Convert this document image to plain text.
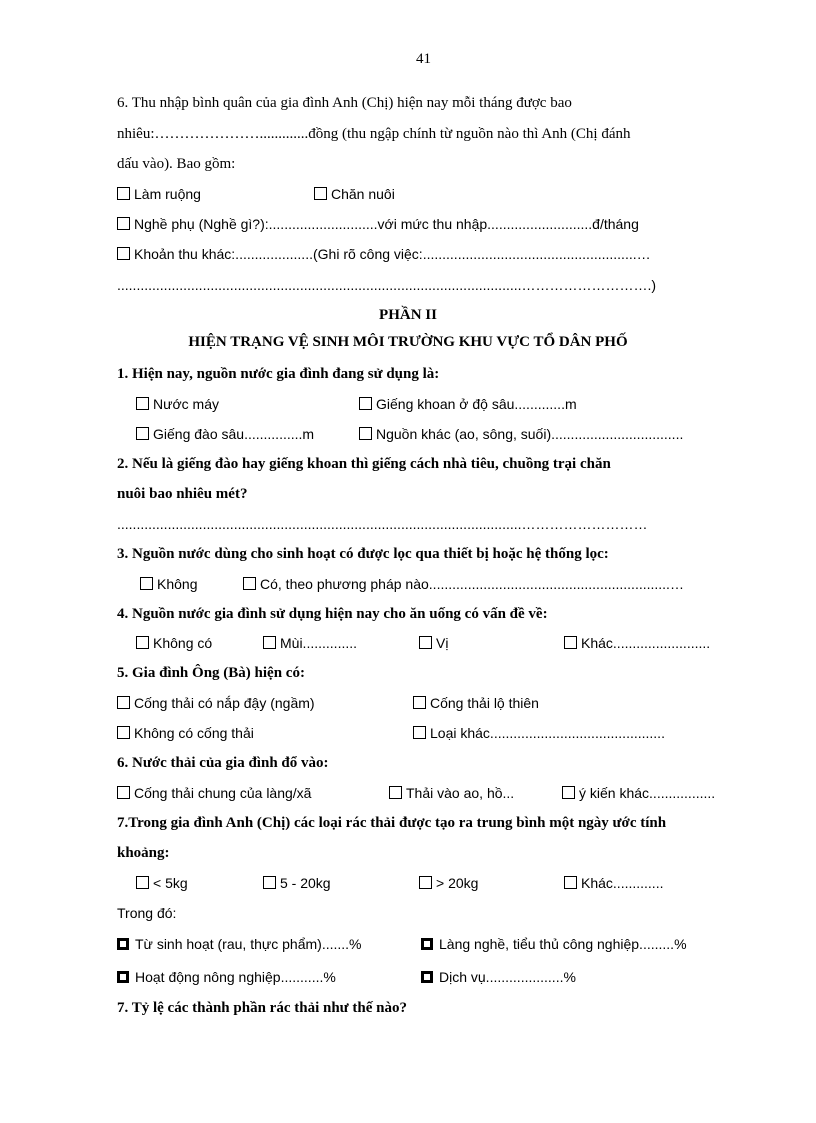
41
6. Thu nhập bình quân của gia đình Anh (Chị) hiện nay mỗi tháng được bao
nhiêu:………………….............đồng (thu ngập chính từ nguồn nào thì Anh (Chị đánh
dấu vào). Bao gồm:
Làm ruộng	Chăn nuôi
Nghề phụ (Nghề gì?):............................với mức thu nhập...........................đ/tháng
Khoản thu khác:....................(Ghi rõ công việc:.......................................................…
........................................................................................................……………………….)
PHẦN II
HIỆN TRẠNG VỆ SINH MÔI TRƯỜNG KHU VỰC TỔ DÂN PHỐ
1. Hiện nay, nguồn nước gia đình đang sử dụng là:
Nước máy	Giếng khoan ở độ sâu.............m
Giếng đào sâu...............m	Nguồn khác (ao, sông, suối)..................................
2. Nếu là giếng đào hay giếng khoan thì giếng cách nhà tiêu, chuồng trại chăn
nuôi bao nhiêu mét?
........................................................................................................………………………
3. Nguồn nước dùng cho sinh hoạt có được lọc qua thiết bị hoặc hệ thống lọc:
Không	Có, theo phương pháp nào..............................................................…
4. Nguồn nước gia đình sử dụng hiện nay cho ăn uống có vấn đề về:
Không có	Mùi..............	Vị	Khác.........................
5. Gia đình Ông (Bà) hiện có:
Cống thải có nắp đậy (ngầm)	Cống thải lộ thiên
Không có cống thải	Loại khác.............................................
6. Nước thải của gia đình đổ vào:
Cống thải chung của làng/xã	Thải vào ao, hồ...	ý kiến khác.................
7.Trong gia đình Anh (Chị) các loại rác thải được tạo ra trung bình một ngày ước tính
khoảng:
< 5kg	5 - 20kg	> 20kg	Khác.............
Trong đó:
Từ sinh hoạt (rau, thực phẩm).......%	Làng nghề, tiểu thủ công nghiệp.........%
Hoạt động nông nghiệp...........%	Dịch vụ....................%
7. Tỷ lệ các thành phần rác thải như thế nào?
